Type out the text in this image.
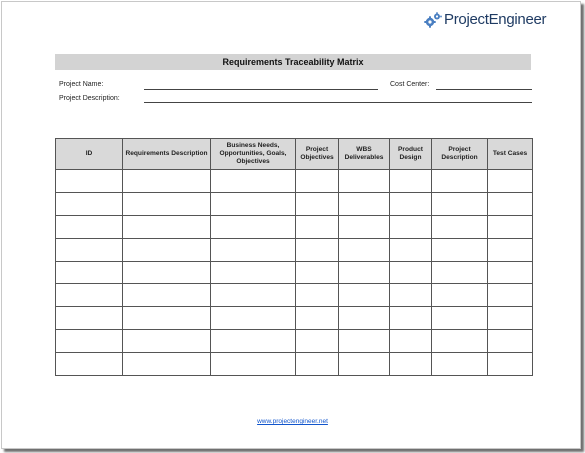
Project Engineer
Requirements Traceability Matrix
Project Name:	Cost Center:
Project Description:
ID	Requirements Description	Business Needs, Opportunities, Goals, Objectives	Project Objectives	WBS Deliverables	Product Design	Project Description	Test Cases

www.projectengineer.net
